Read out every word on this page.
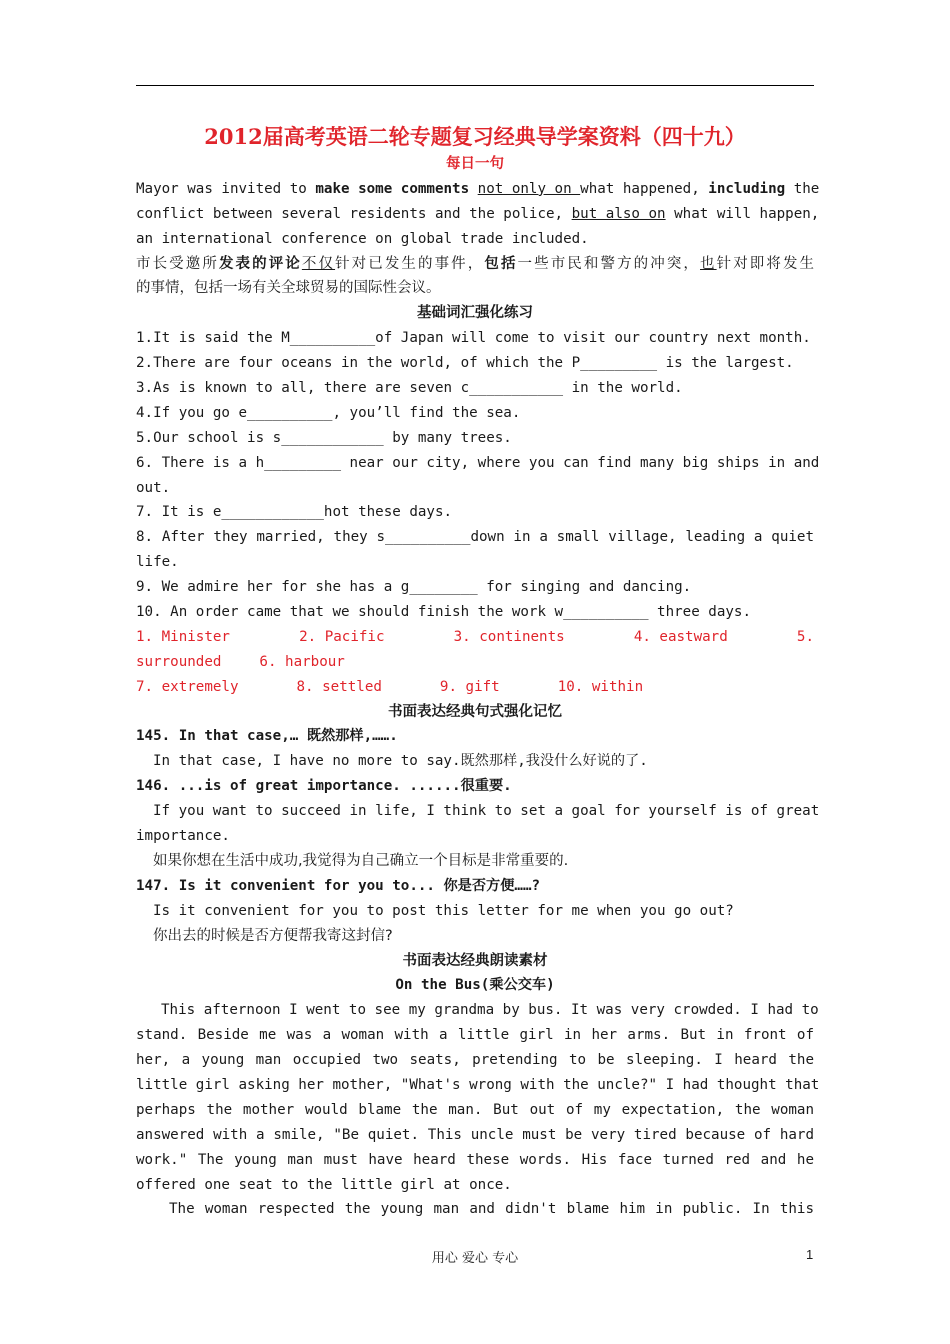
2012届高考英语二轮专题复习经典导学案资料（四十九）
每日一句
Mayor was invited to make some comments not only on what happened, including the
conflict between several residents and the police, but also on what will happen,
an international conference on global trade included.
市长受邀所发表的评论不仅针对已发生的事件，包括一些市民和警方的冲突，也针对即将发生
的事情，包括一场有关全球贸易的国际性会议。
基础词汇强化练习
1.It is said the M__________of Japan will come to visit our country next month.
2.There are four oceans in the world, of which the P_________ is the largest.
3.As is known to all, there are seven c___________ in the world.
4.If you go e__________, you’ll find the sea.
5.Our school is s____________ by many trees.
6. There is a h_________ near our city, where you can find many big ships in and
out.
7. It is e____________hot these days.
8. After they married, they s__________down in a small village, leading a quiet
life.
9. We admire her for she has a g________ for singing and dancing.
10. An order came that we should finish the work w__________ three days.
1. Minister	2. Pacific	3. continents	4. eastward	5.
surrounded	6. harbour
7. extremely	8. settled	9. gift	10. within
书面表达经典句式强化记忆
145. In that case,… 既然那样,…….
In that case, I have no more to say.既然那样,我没什么好说的了.
146. ...is of great importance. ......很重要.
If you want to succeed in life, I think to set a goal for yourself is of great
importance.
如果你想在生活中成功,我觉得为自己确立一个目标是非常重要的.
147. Is it convenient for you to... 你是否方便……?
Is it convenient for you to post this letter for me when you go out?
你出去的时候是否方便帮我寄这封信?
书面表达经典朗读素材
On the Bus(乘公交车)
This afternoon I went to see my grandma by bus. It was very crowded. I had to
stand. Beside me was a woman with a little girl in her arms. But in front of
her, a young man occupied two seats, pretending to be sleeping. I heard the
little girl asking her mother, "What's wrong with the uncle?" I had thought that
perhaps the mother would blame the man. But out of my expectation, the woman
answered with a smile, "Be quiet. This uncle must be very tired because of hard
work." The young man must have heard these words. His face turned red and he
offered one seat to the little girl at once.
The woman respected the young man and didn't blame him in public. In this
用心 爱心 专心	1
